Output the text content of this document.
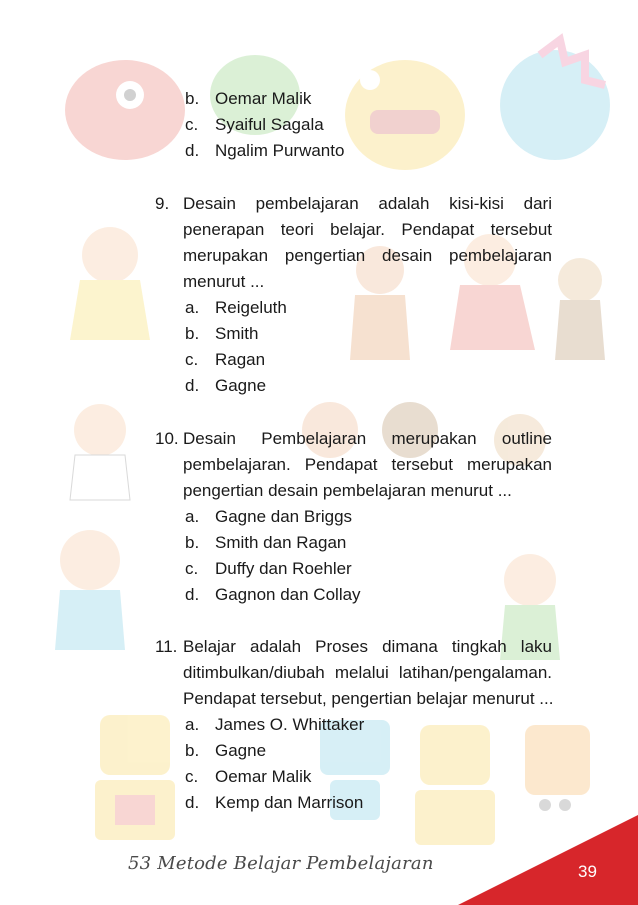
b. Oemar Malik
c. Syaiful Sagala
d. Ngalim Purwanto
9. Desain pembelajaran adalah kisi-kisi dari
penerapan teori belajar. Pendapat tersebut
merupakan pengertian desain pembelajaran
menurut ...
a. Reigeluth
b. Smith
c. Ragan
d. Gagne
10. Desain Pembelajaran merupakan outline
pembelajaran. Pendapat tersebut merupakan
pengertian desain pembelajaran menurut ...
a. Gagne dan Briggs
b. Smith dan Ragan
c. Duffy dan Roehler
d. Gagnon dan Collay
11. Belajar adalah Proses dimana tingkah laku
ditimbulkan/diubah melalui latihan/pengalaman.
Pendapat tersebut, pengertian belajar menurut ...
a. James O. Whittaker
b. Gagne
c. Oemar Malik
d. Kemp dan Marrison
53 Metode Belajar Pembelajaran	39
